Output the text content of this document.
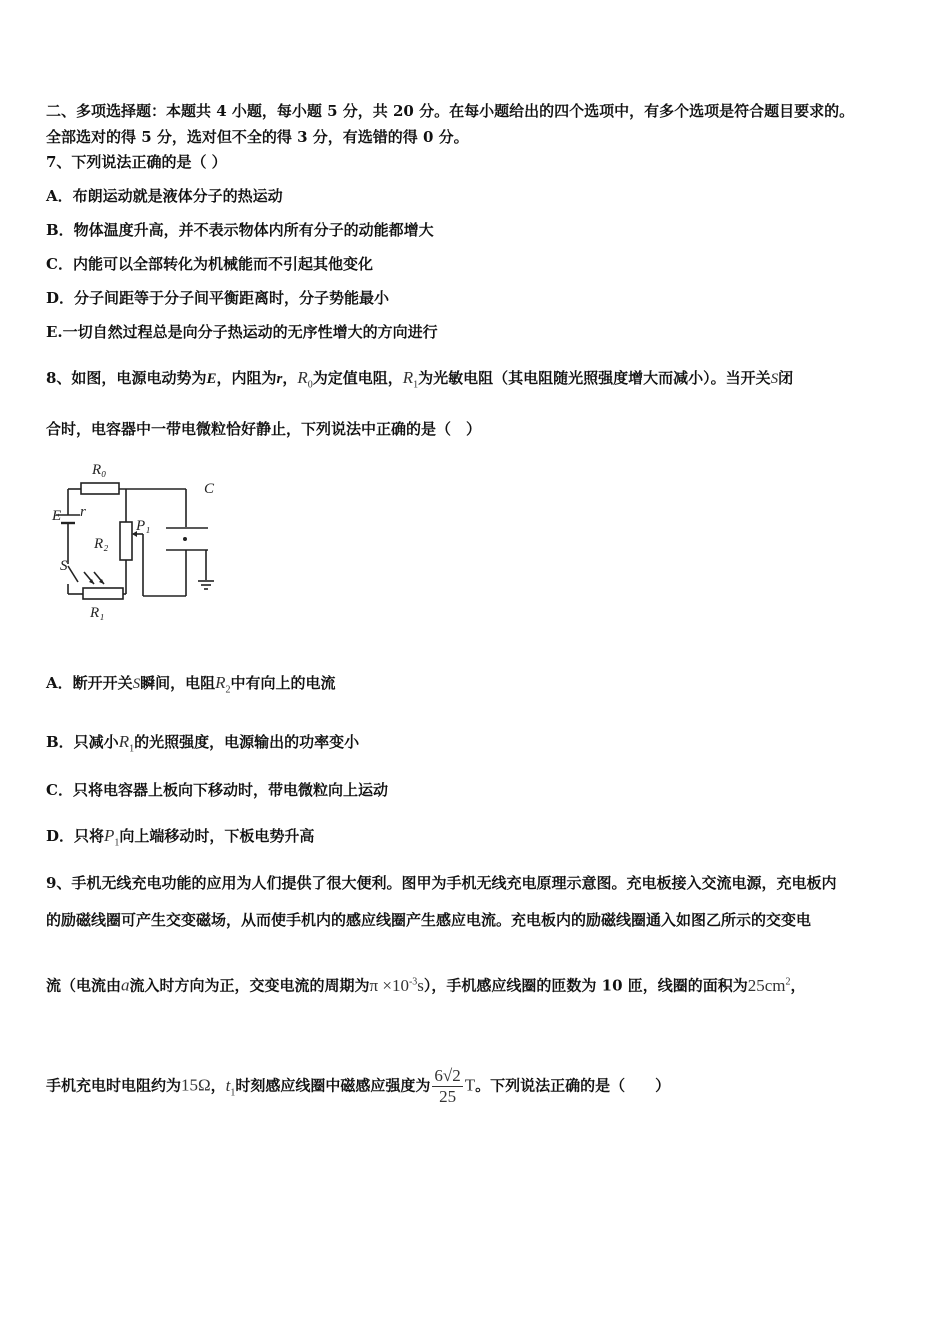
二、多项选择题：本题共 4 小题，每小题 5 分，共 20 分。在每小题给出的四个选项中，有多个选项是符合题目要求的。
全部选对的得 5 分，选对但不全的得 3 分，有选错的得 0 分。
7、下列说法正确的是（ ）
A．布朗运动就是液体分子的热运动
B．物体温度升高，并不表示物体内所有分子的动能都增大
C．内能可以全部转化为机械能而不引起其他变化
D．分子间距等于分子间平衡距离时，分子势能最小
E.一切自然过程总是向分子热运动的无序性增大的方向进行
8、如图，电源电动势为E，内阻为r，$R_0$为定值电阻，$R_1$为光敏电阻（其电阻随光照强度增大而减小）。当开关S闭
合时，电容器中一带电微粒恰好静止，下列说法中正确的是（　）
R₀
C
E r
P₁
R₂
S
R₁
A．断开开关S瞬间，电阻$R_2$中有向上的电流
B．只减小$R_1$的光照强度，电源输出的功率变小
C．只将电容器上板向下移动时，带电微粒向上运动
D．只将$P_1$向上端移动时，下板电势升高
9、手机无线充电功能的应用为人们提供了很大便利。图甲为手机无线充电原理示意图。充电板接入交流电源，充电板内
的励磁线圈可产生交变磁场，从而使手机内的感应线圈产生感应电流。充电板内的励磁线圈通入如图乙所示的交变电
流（电流由a流入时方向为正，交变电流的周期为$\pi \times 10^{-3}s$），手机感应线圈的匝数为 10 匝，线圈的面积为$25cm^2$，
手机充电时电阻约为15Ω，$t_1$时刻感应线圈中磁感应强度为 $\frac{6√2}{25}$ T。下列说法正确的是（　　）
